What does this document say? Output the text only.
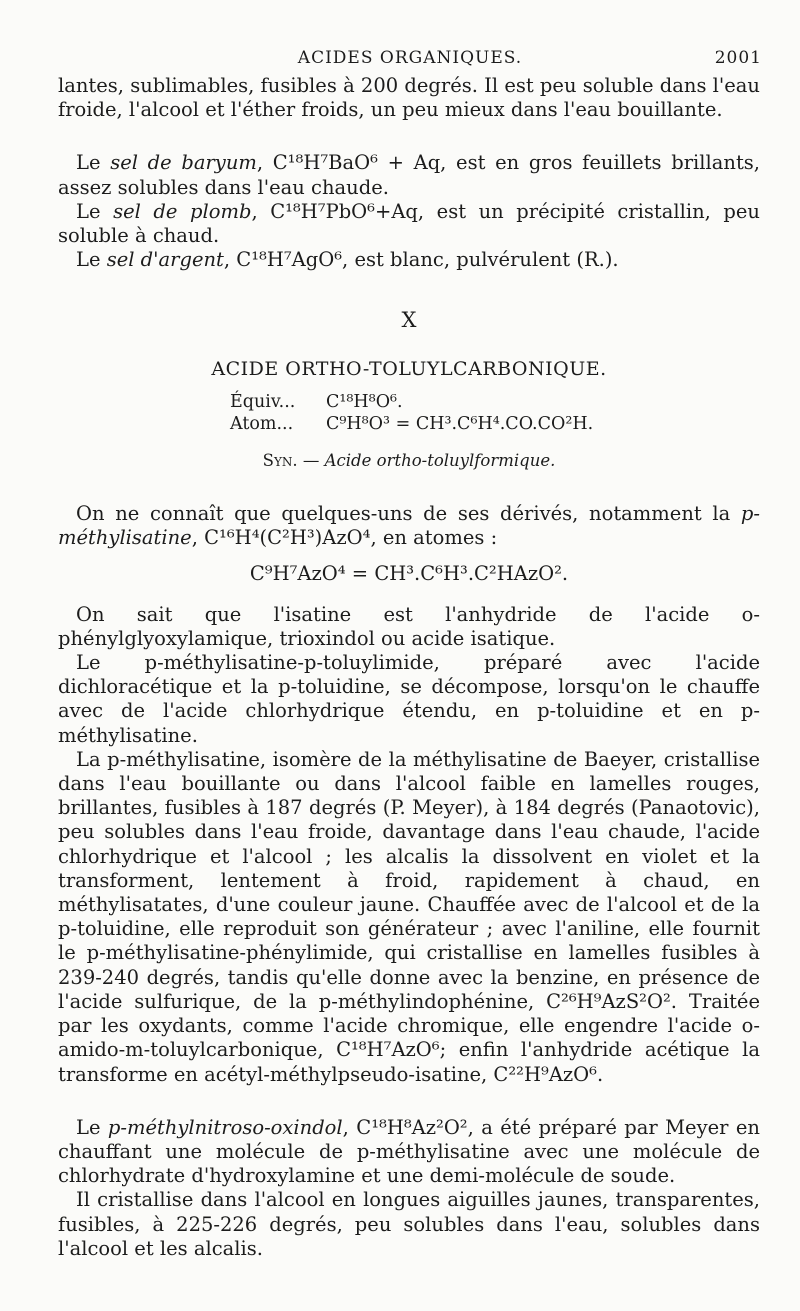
ACIDES ORGANIQUES.	2001

lantes, sublimables, fusibles à 200 degrés. Il est peu soluble dans l'eau froide, l'alcool et l'éther froids, un peu mieux dans l'eau bouillante.

Le sel de baryum, C¹⁸H⁷BaO⁶ + Aq, est en gros feuillets brillants, assez solubles dans l'eau chaude.

Le sel de plomb, C¹⁸H⁷PbO⁶+Aq, est un précipité cristallin, peu soluble à chaud.

Le sel d'argent, C¹⁸H⁷AgO⁶, est blanc, pulvérulent (R.).

X

ACIDE ORTHO-TOLUYLCARBONIQUE.

Équiv... C¹⁸H⁸O⁶.
Atom... C⁹H⁸O³ = CH³.C⁶H⁴.CO.CO²H.

Syn. — Acide ortho-toluylformique.

On ne connaît que quelques-uns de ses dérivés, notamment la p-méthylisatine, C¹⁶H⁴(C²H³)AzO⁴, en atomes :

C⁹H⁷AzO⁴ = CH³.C⁶H³.C²HAzO².

On sait que l'isatine est l'anhydride de l'acide o-phénylglyoxylamique, trioxindol ou acide isatique.

Le p-méthylisatine-p-toluylimide, préparé avec l'acide dichloracétique et la p-toluidine, se décompose, lorsqu'on le chauffe avec de l'acide chlorhydrique étendu, en p-toluidine et en p-méthylisatine.

La p-méthylisatine, isomère de la méthylisatine de Baeyer, cristallise dans l'eau bouillante ou dans l'alcool faible en lamelles rouges, brillantes, fusibles à 187 degrés (P. Meyer), à 184 degrés (Panaotovic), peu solubles dans l'eau froide, davantage dans l'eau chaude, l'acide chlorhydrique et l'alcool ; les alcalis la dissolvent en violet et la transforment, lentement à froid, rapidement à chaud, en méthylisatates, d'une couleur jaune. Chauffée avec de l'alcool et de la p-toluidine, elle reproduit son générateur ; avec l'aniline, elle fournit le p-méthylisatine-phénylimide, qui cristallise en lamelles fusibles à 239-240 degrés, tandis qu'elle donne avec la benzine, en présence de l'acide sulfurique, de la p-méthylindophénine, C²⁶H⁹AzS²O². Traitée par les oxydants, comme l'acide chromique, elle engendre l'acide o-amido-m-toluylcarbonique, C¹⁸H⁷AzO⁶; enfin l'anhydride acétique la transforme en acétyl-méthylpseudo-isatine, C²²H⁹AzO⁶.

Le p-méthylnitroso-oxindol, C¹⁸H⁸Az²O², a été préparé par Meyer en chauffant une molécule de p-méthylisatine avec une molécule de chlorhydrate d'hydroxylamine et une demi-molécule de soude.

Il cristallise dans l'alcool en longues aiguilles jaunes, transparentes, fusibles, à 225-226 degrés, peu solubles dans l'eau, solubles dans l'alcool et les alcalis.
